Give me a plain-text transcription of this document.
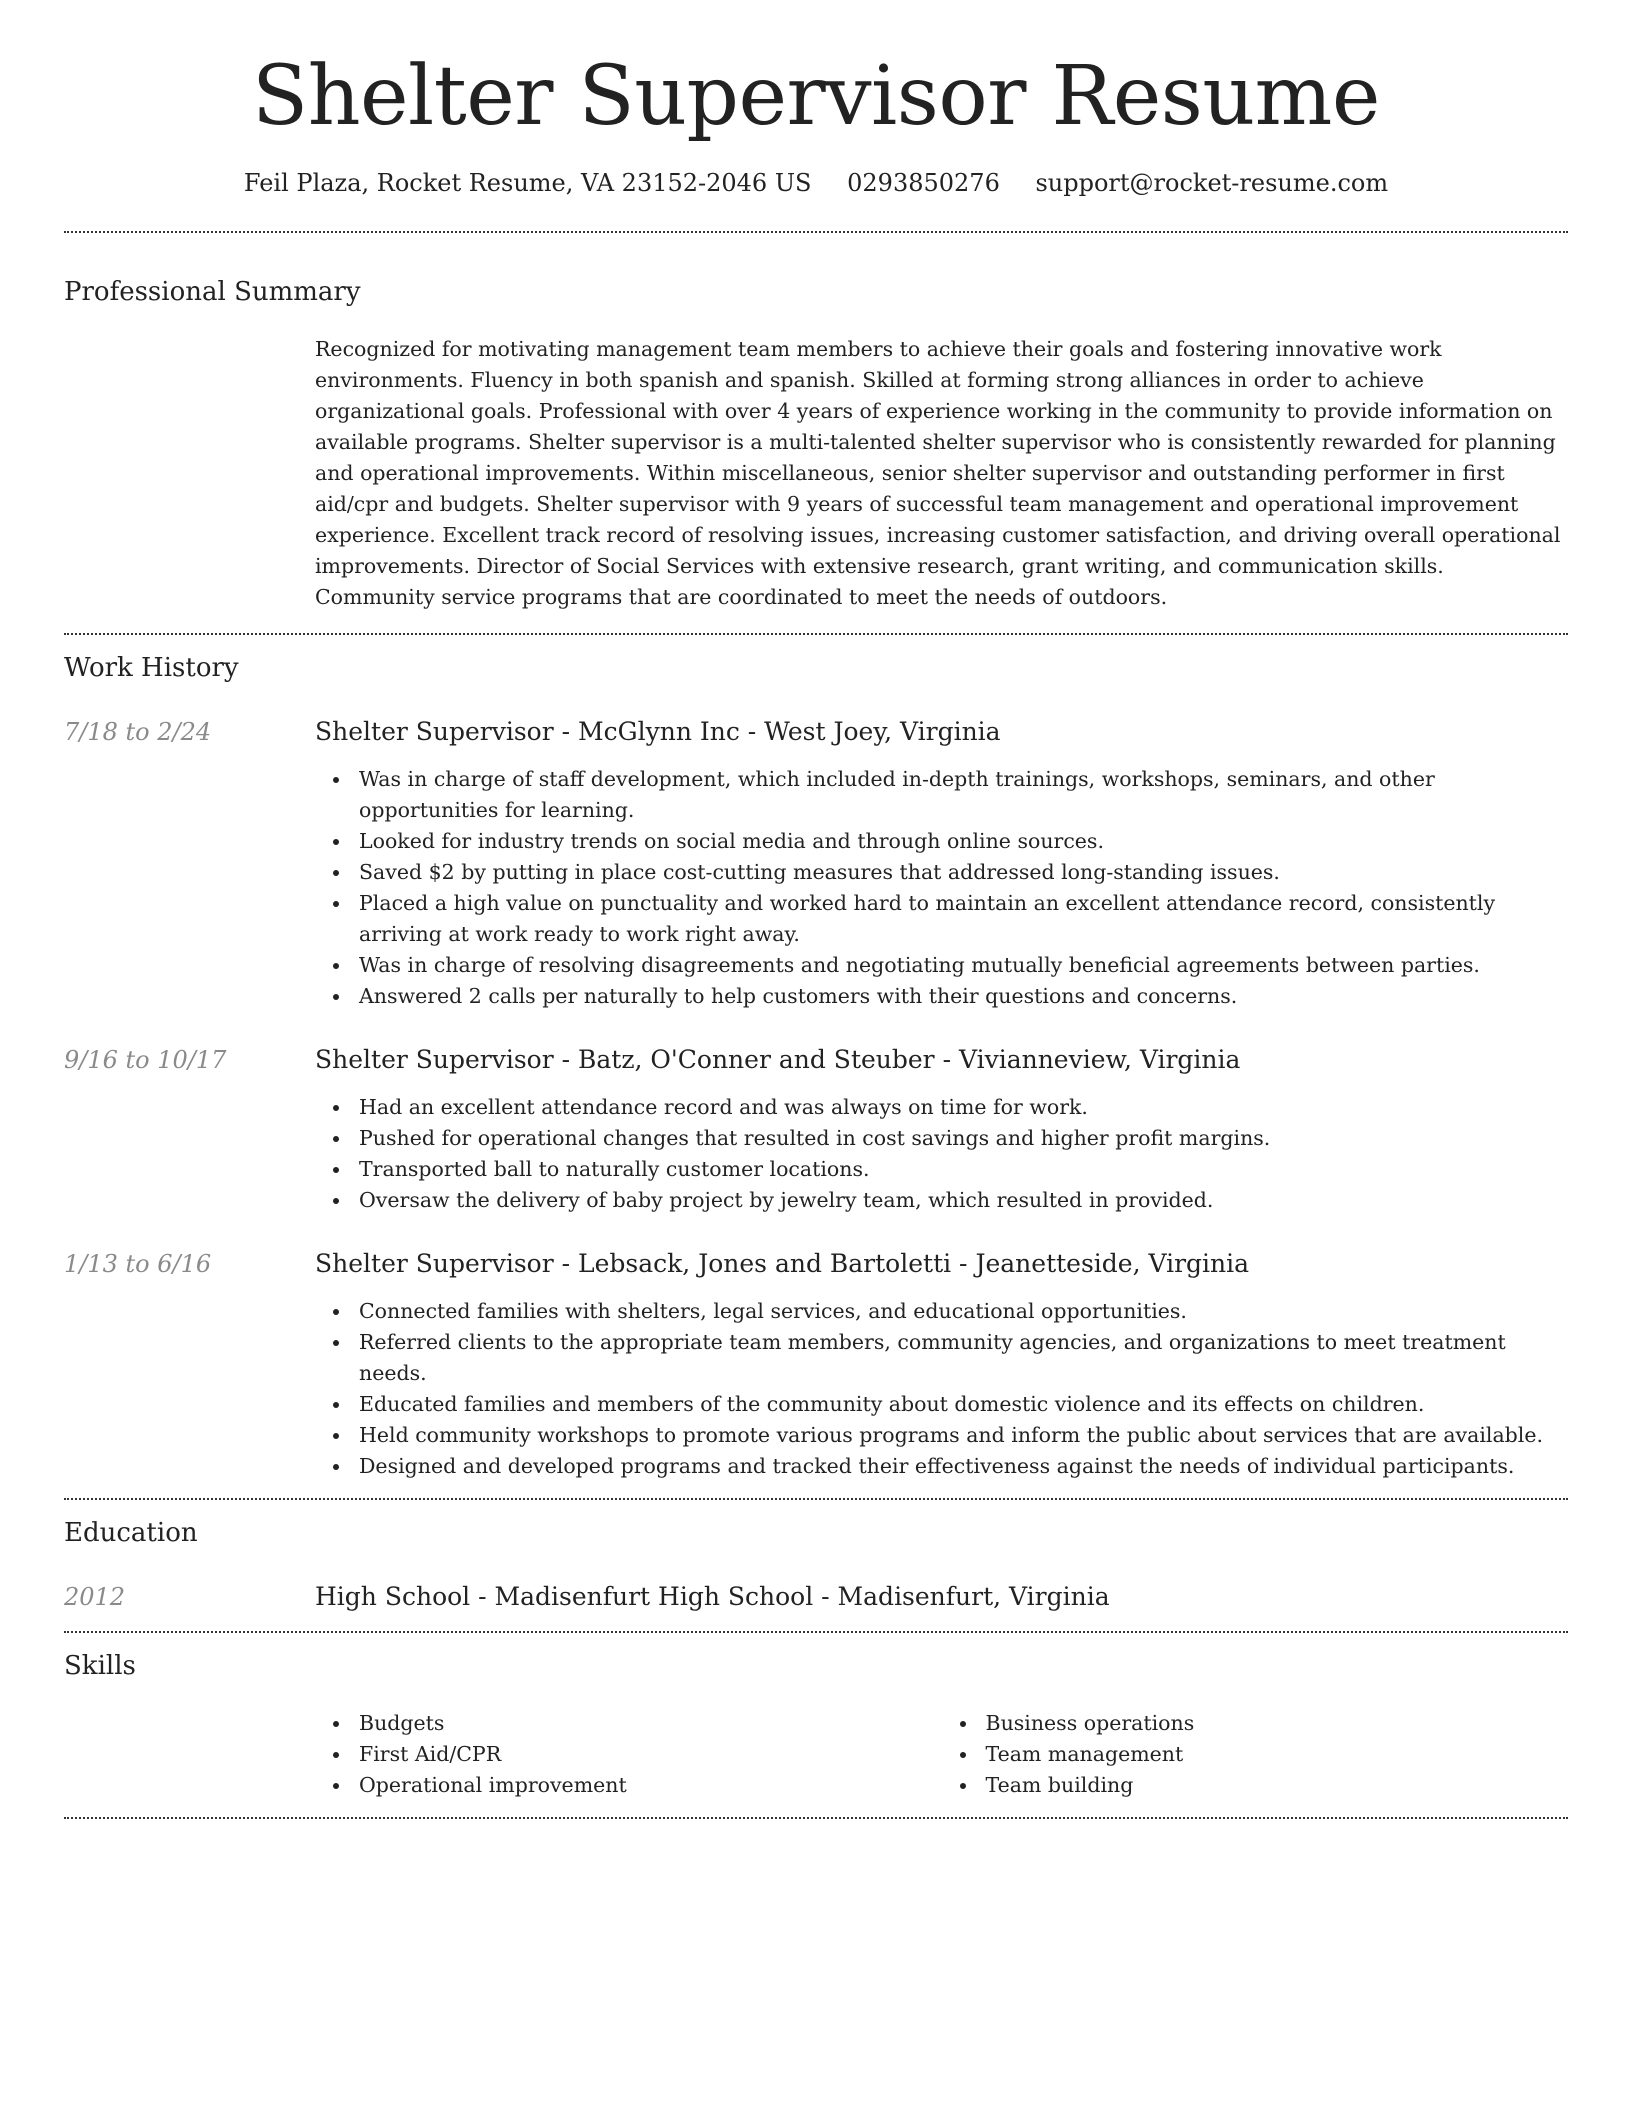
Shelter Supervisor Resume
Feil Plaza, Rocket Resume, VA 23152-2046 US 0293850276 support@rocket-resume.com
Professional Summary

Recognized for motivating management team members to achieve their goals and fostering innovative work environments. Fluency in both spanish and spanish. Skilled at forming strong alliances in order to achieve organizational goals. Professional with over 4 years of experience working in the community to provide information on available programs. Shelter supervisor is a multi-talented shelter supervisor who is consistently rewarded for planning and operational improvements. Within miscellaneous, senior shelter supervisor and outstanding performer in first aid/cpr and budgets. Shelter supervisor with 9 years of successful team management and operational improvement experience. Excellent track record of resolving issues, increasing customer satisfaction, and driving overall operational improvements. Director of Social Services with extensive research, grant writing, and communication skills. Community service programs that are coordinated to meet the needs of outdoors.

Work History
7/18 to 2/24	Shelter Supervisor - McGlynn Inc - West Joey, Virginia
Was in charge of staff development, which included in-depth trainings, workshops, seminars, and other opportunities for learning.
Looked for industry trends on social media and through online sources.
Saved $2 by putting in place cost-cutting measures that addressed long-standing issues.
Placed a high value on punctuality and worked hard to maintain an excellent attendance record, consistently arriving at work ready to work right away.
Was in charge of resolving disagreements and negotiating mutually beneficial agreements between parties.
Answered 2 calls per naturally to help customers with their questions and concerns.
9/16 to 10/17	Shelter Supervisor - Batz, O'Conner and Steuber - Vivianneview, Virginia
Had an excellent attendance record and was always on time for work.
Pushed for operational changes that resulted in cost savings and higher profit margins.
Transported ball to naturally customer locations.
Oversaw the delivery of baby project by jewelry team, which resulted in provided.
1/13 to 6/16	Shelter Supervisor - Lebsack, Jones and Bartoletti - Jeanetteside, Virginia
Connected families with shelters, legal services, and educational opportunities.
Referred clients to the appropriate team members, community agencies, and organizations to meet treatment needs.
Educated families and members of the community about domestic violence and its effects on children.
Held community workshops to promote various programs and inform the public about services that are available.
Designed and developed programs and tracked their effectiveness against the needs of individual participants.
Education
2012	High School - Madisenfurt High School - Madisenfurt, Virginia
Skills
Budgets
First Aid/CPR
Operational improvement
Business operations
Team management
Team building
